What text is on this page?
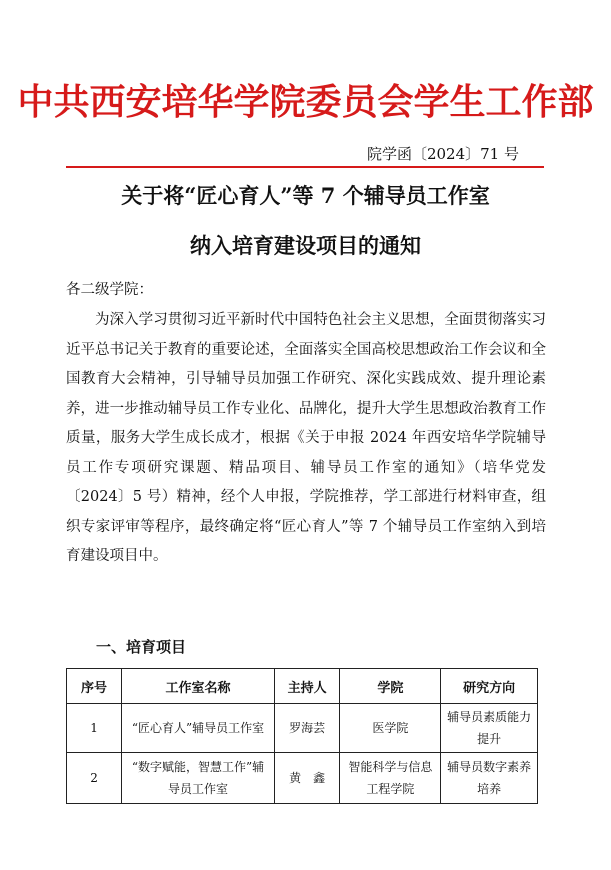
中共西安培华学院委员会学生工作部
院学函〔2024〕71 号
关于将“匠心育人”等 7 个辅导员工作室
纳入培育建设项目的通知
各二级学院：

为深入学习贯彻习近平新时代中国特色社会主义思想，全面贯彻落实习近平总书记关于教育的重要论述，全面落实全国高校思想政治工作会议和全国教育大会精神，引导辅导员加强工作研究、深化实践成效、提升理论素养，进一步推动辅导员工作专业化、品牌化，提升大学生思想政治教育工作质量，服务大学生成长成才，根据《关于申报 2024 年西安培华学院辅导员工作专项研究课题、精品项目、辅导员工作室的通知》（培华党发〔2024〕5 号）精神，经个人申报，学院推荐，学工部进行材料审查，组织专家评审等程序，最终确定将“匠心育人”等 7 个辅导员工作室纳入到培育建设项目中。

一、培育项目
序号	工作室名称	主持人	学院	研究方向
1	“匠心育人”辅导员工作室	罗海芸	医学院	辅导员素质能力提升
2	“数字赋能，智慧工作”辅导员工作室	黄　鑫	智能科学与信息工程学院	辅导员数字素养培养
